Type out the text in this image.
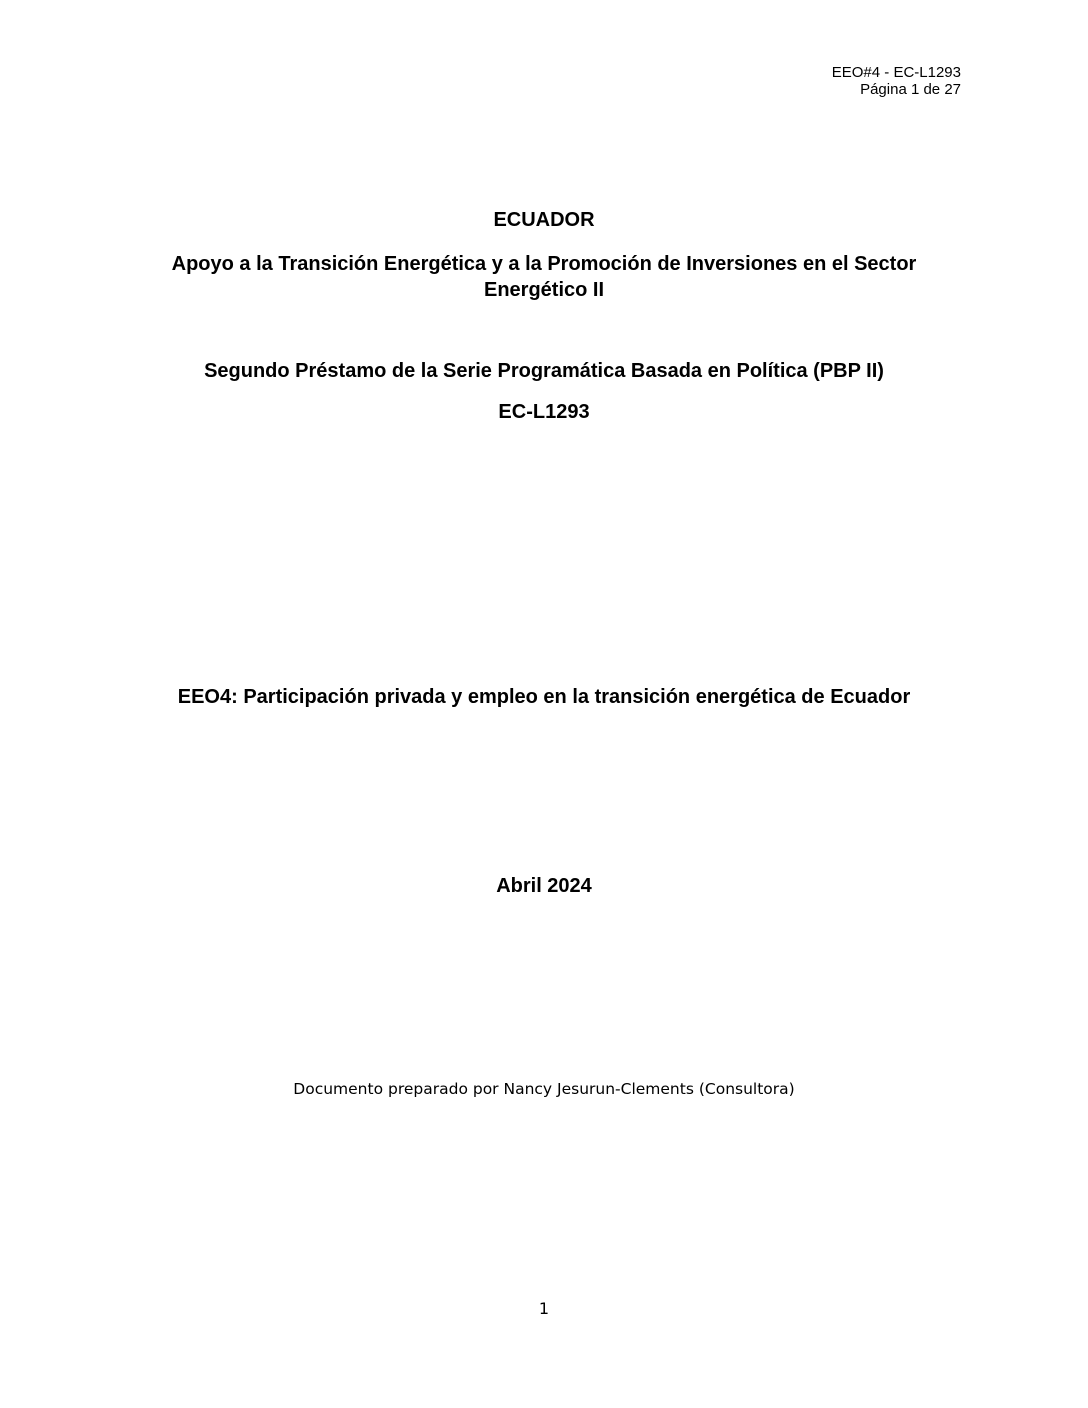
EEO#4 - EC-L1293
Página 1 de 27
ECUADOR
Apoyo a la Transición Energética y a la Promoción de Inversiones en el Sector Energético II
Segundo Préstamo de la Serie Programática Basada en Política (PBP II)
EC-L1293
EEO4: Participación privada y empleo en la transición energética de Ecuador
Abril 2024
Documento preparado por Nancy Jesurun-Clements (Consultora)
1
